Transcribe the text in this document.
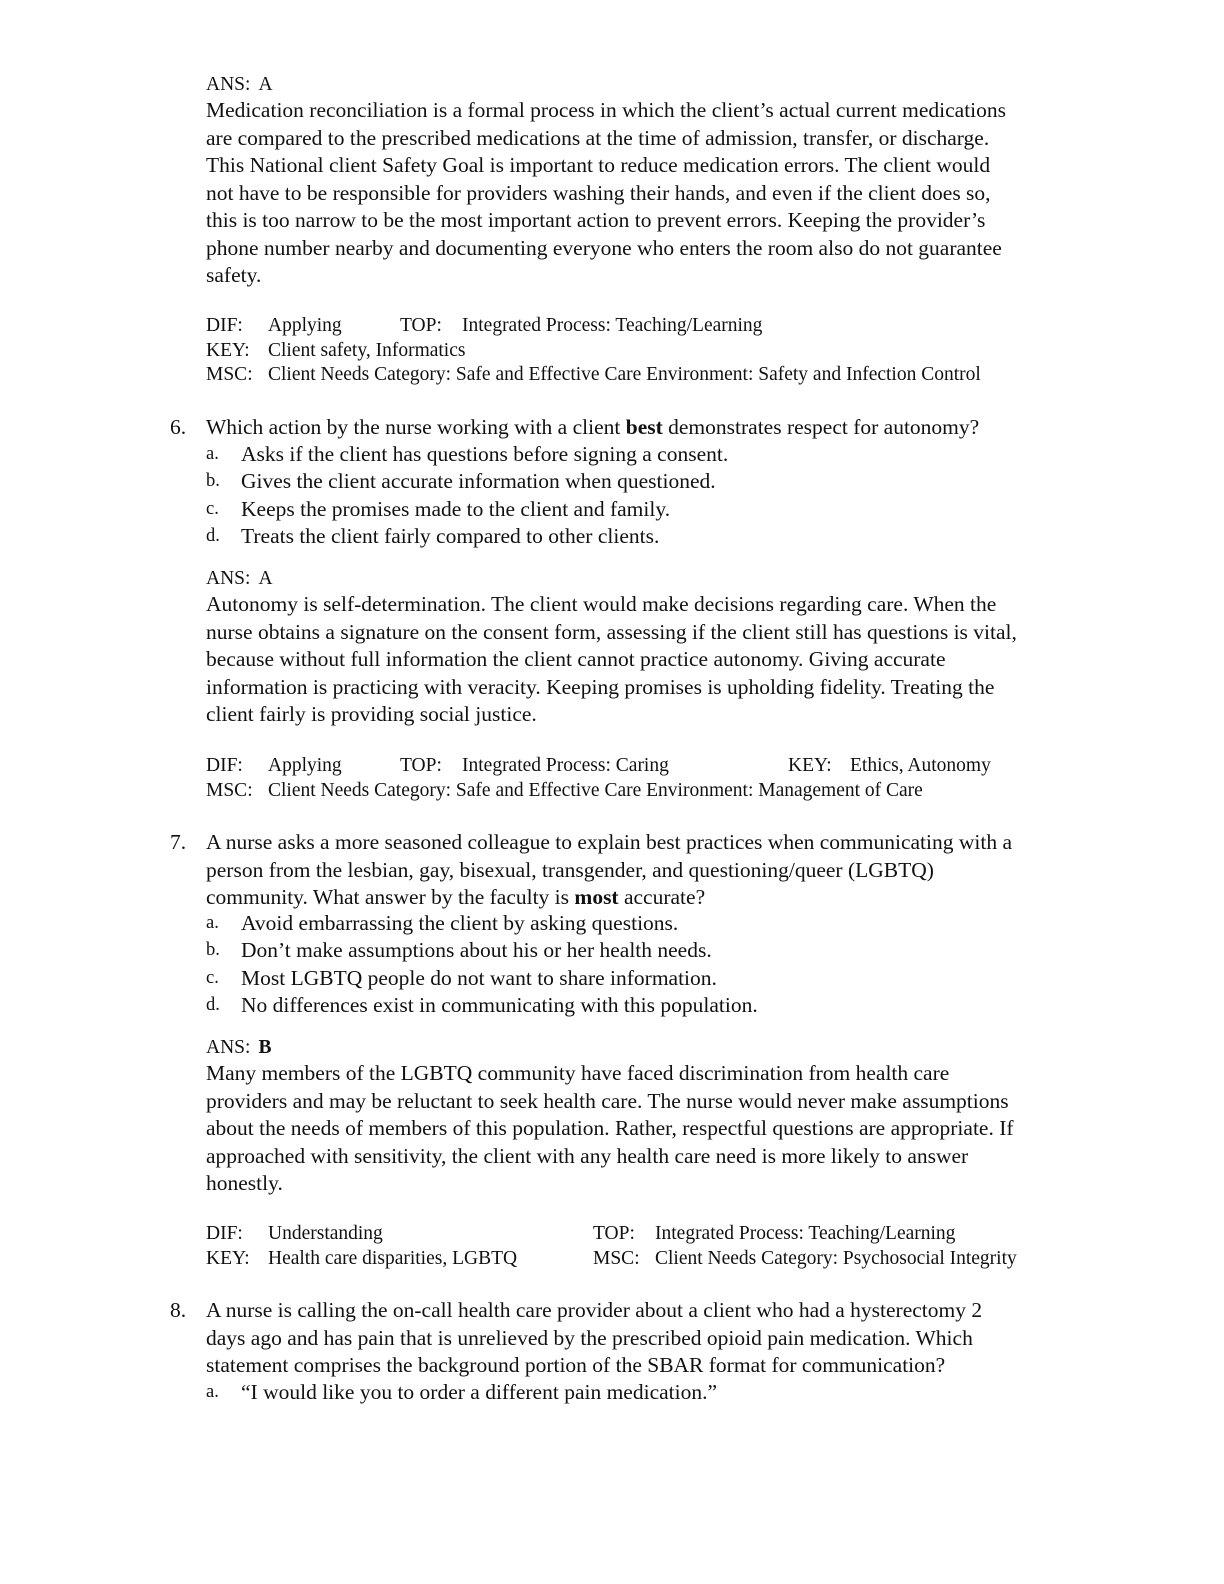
ANS: A

Medication reconciliation is a formal process in which the client’s actual current medications

are compared to the prescribed medications at the time of admission, transfer, or discharge.

This National client Safety Goal is important to reduce medication errors. The client would

not have to be responsible for providers washing their hands, and even if the client does so,

this is too narrow to be the most important action to prevent errors. Keeping the provider’s

phone number nearby and documenting everyone who enters the room also do not guarantee

safety.

DIF: Applying	TOP: Integrated Process: Teaching/Learning
KEY: Client safety, Informatics
MSC: Client Needs Category: Safe and Effective Care Environment: Safety and Infection Control
6. Which action by the nurse working with a client best demonstrates respect for autonomy?
a. Asks if the client has questions before signing a consent.
b. Gives the client accurate information when questioned.
c. Keeps the promises made to the client and family.
d. Treats the client fairly compared to other clients.
ANS: A

Autonomy is self-determination. The client would make decisions regarding care. When the

nurse obtains a signature on the consent form, assessing if the client still has questions is vital,

because without full information the client cannot practice autonomy. Giving accurate

information is practicing with veracity. Keeping promises is upholding fidelity. Treating the

client fairly is providing social justice.

DIF: Applying	TOP: Integrated Process: Caring	KEY: Ethics, Autonomy
MSC: Client Needs Category: Safe and Effective Care Environment: Management of Care
7. A nurse asks a more seasoned colleague to explain best practices when communicating with a
person from the lesbian, gay, bisexual, transgender, and questioning/queer (LGBTQ)
community. What answer by the faculty is most accurate?
a. Avoid embarrassing the client by asking questions.
b. Don’t make assumptions about his or her health needs.
c. Most LGBTQ people do not want to share information.
d. No differences exist in communicating with this population.
ANS: B

Many members of the LGBTQ community have faced discrimination from health care

providers and may be reluctant to seek health care. The nurse would never make assumptions

about the needs of members of this population. Rather, respectful questions are appropriate. If

approached with sensitivity, the client with any health care need is more likely to answer

honestly.

DIF: Understanding	TOP: Integrated Process: Teaching/Learning
KEY: Health care disparities, LGBTQ	MSC: Client Needs Category: Psychosocial Integrity
8. A nurse is calling the on-call health care provider about a client who had a hysterectomy 2
days ago and has pain that is unrelieved by the prescribed opioid pain medication. Which
statement comprises the background portion of the SBAR format for communication?
a. “I would like you to order a different pain medication.”
